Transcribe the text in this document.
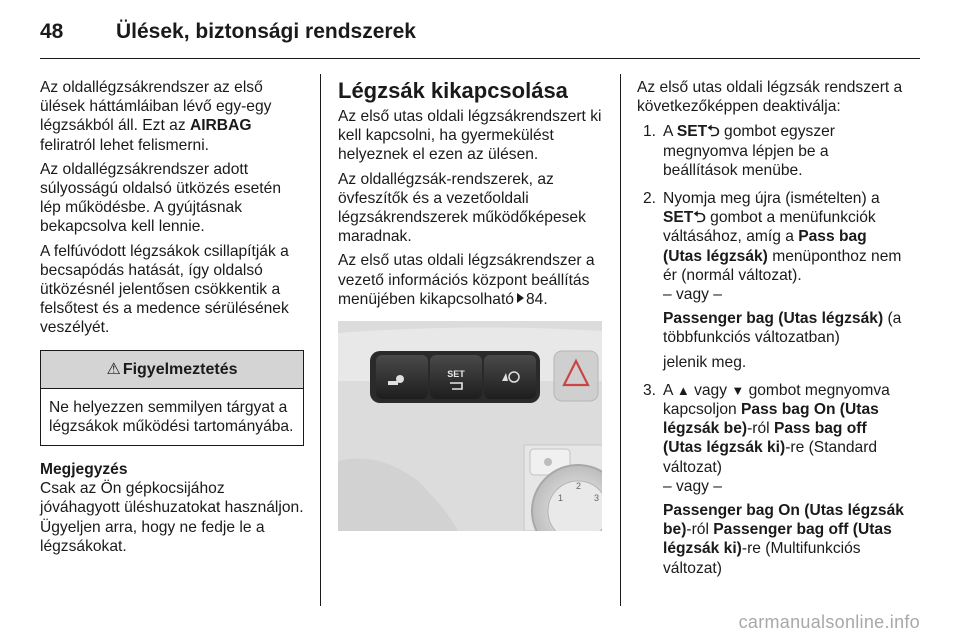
48	Ülések, biztonsági rendszerek

Az oldallégzsákrendszer az első ülések háttámláiban lévő egy-egy légzsákból áll. Ezt az AIRBAG feliratról lehet felismerni.

Az oldallégzsákrendszer adott súlyosságú oldalsó ütközés esetén lép működésbe. A gyújtásnak bekapcsolva kell lennie.

A felfúvódott légzsákok csillapítják a becsapódás hatását, így oldalsó ütközésnél jelentősen csökkentik a felsőtest és a medence sérülésének veszélyét.

⚠ Figyelmeztetés
Ne helyezzen semmilyen tárgyat a légzsákok működési tartományába.

Megjegyzés

Csak az Ön gépkocsijához jóváhagyott üléshuzatokat használjon. Ügyeljen arra, hogy ne fedje le a légzsákokat.

Légzsák kikapcsolása

Az első utas oldali légzsákrendszert ki kell kapcsolni, ha gyermekülést helyeznek el ezen az ülésen.

Az oldallégzsák-rendszerek, az övfeszítők és a vezetőoldali légzsákrendszerek működőképesek maradnak.

Az első utas oldali légzsákrendszer a vezető információs központ beállítás menüjében kikapcsolható 84.

SET
2
3
1

Az első utas oldali légzsák rendszert a következőképpen deaktiválja:

1. A SET⮌ gombot egyszer megnyomva lépjen be a beállítások menübe.
2. Nyomja meg újra (ismételten) a SET⮌ gombot a menüfunkciók váltásához, amíg a Pass bag (Utas légzsák) menüponthoz nem ér (normál változat).

– vagy –

Passenger bag (Utas légzsák) (a többfunkciós változatban)

jelenik meg.

3. A ▲ vagy ▼ gombot megnyomva kapcsoljon Pass bag On (Utas légzsák be)-ról Pass bag off (Utas légzsák ki)-re (Standard változat)

– vagy –

Passenger bag On (Utas légzsák be)-ról Passenger bag off (Utas légzsák ki)-re (Multifunkciós változat)

carmanualsonline.info
